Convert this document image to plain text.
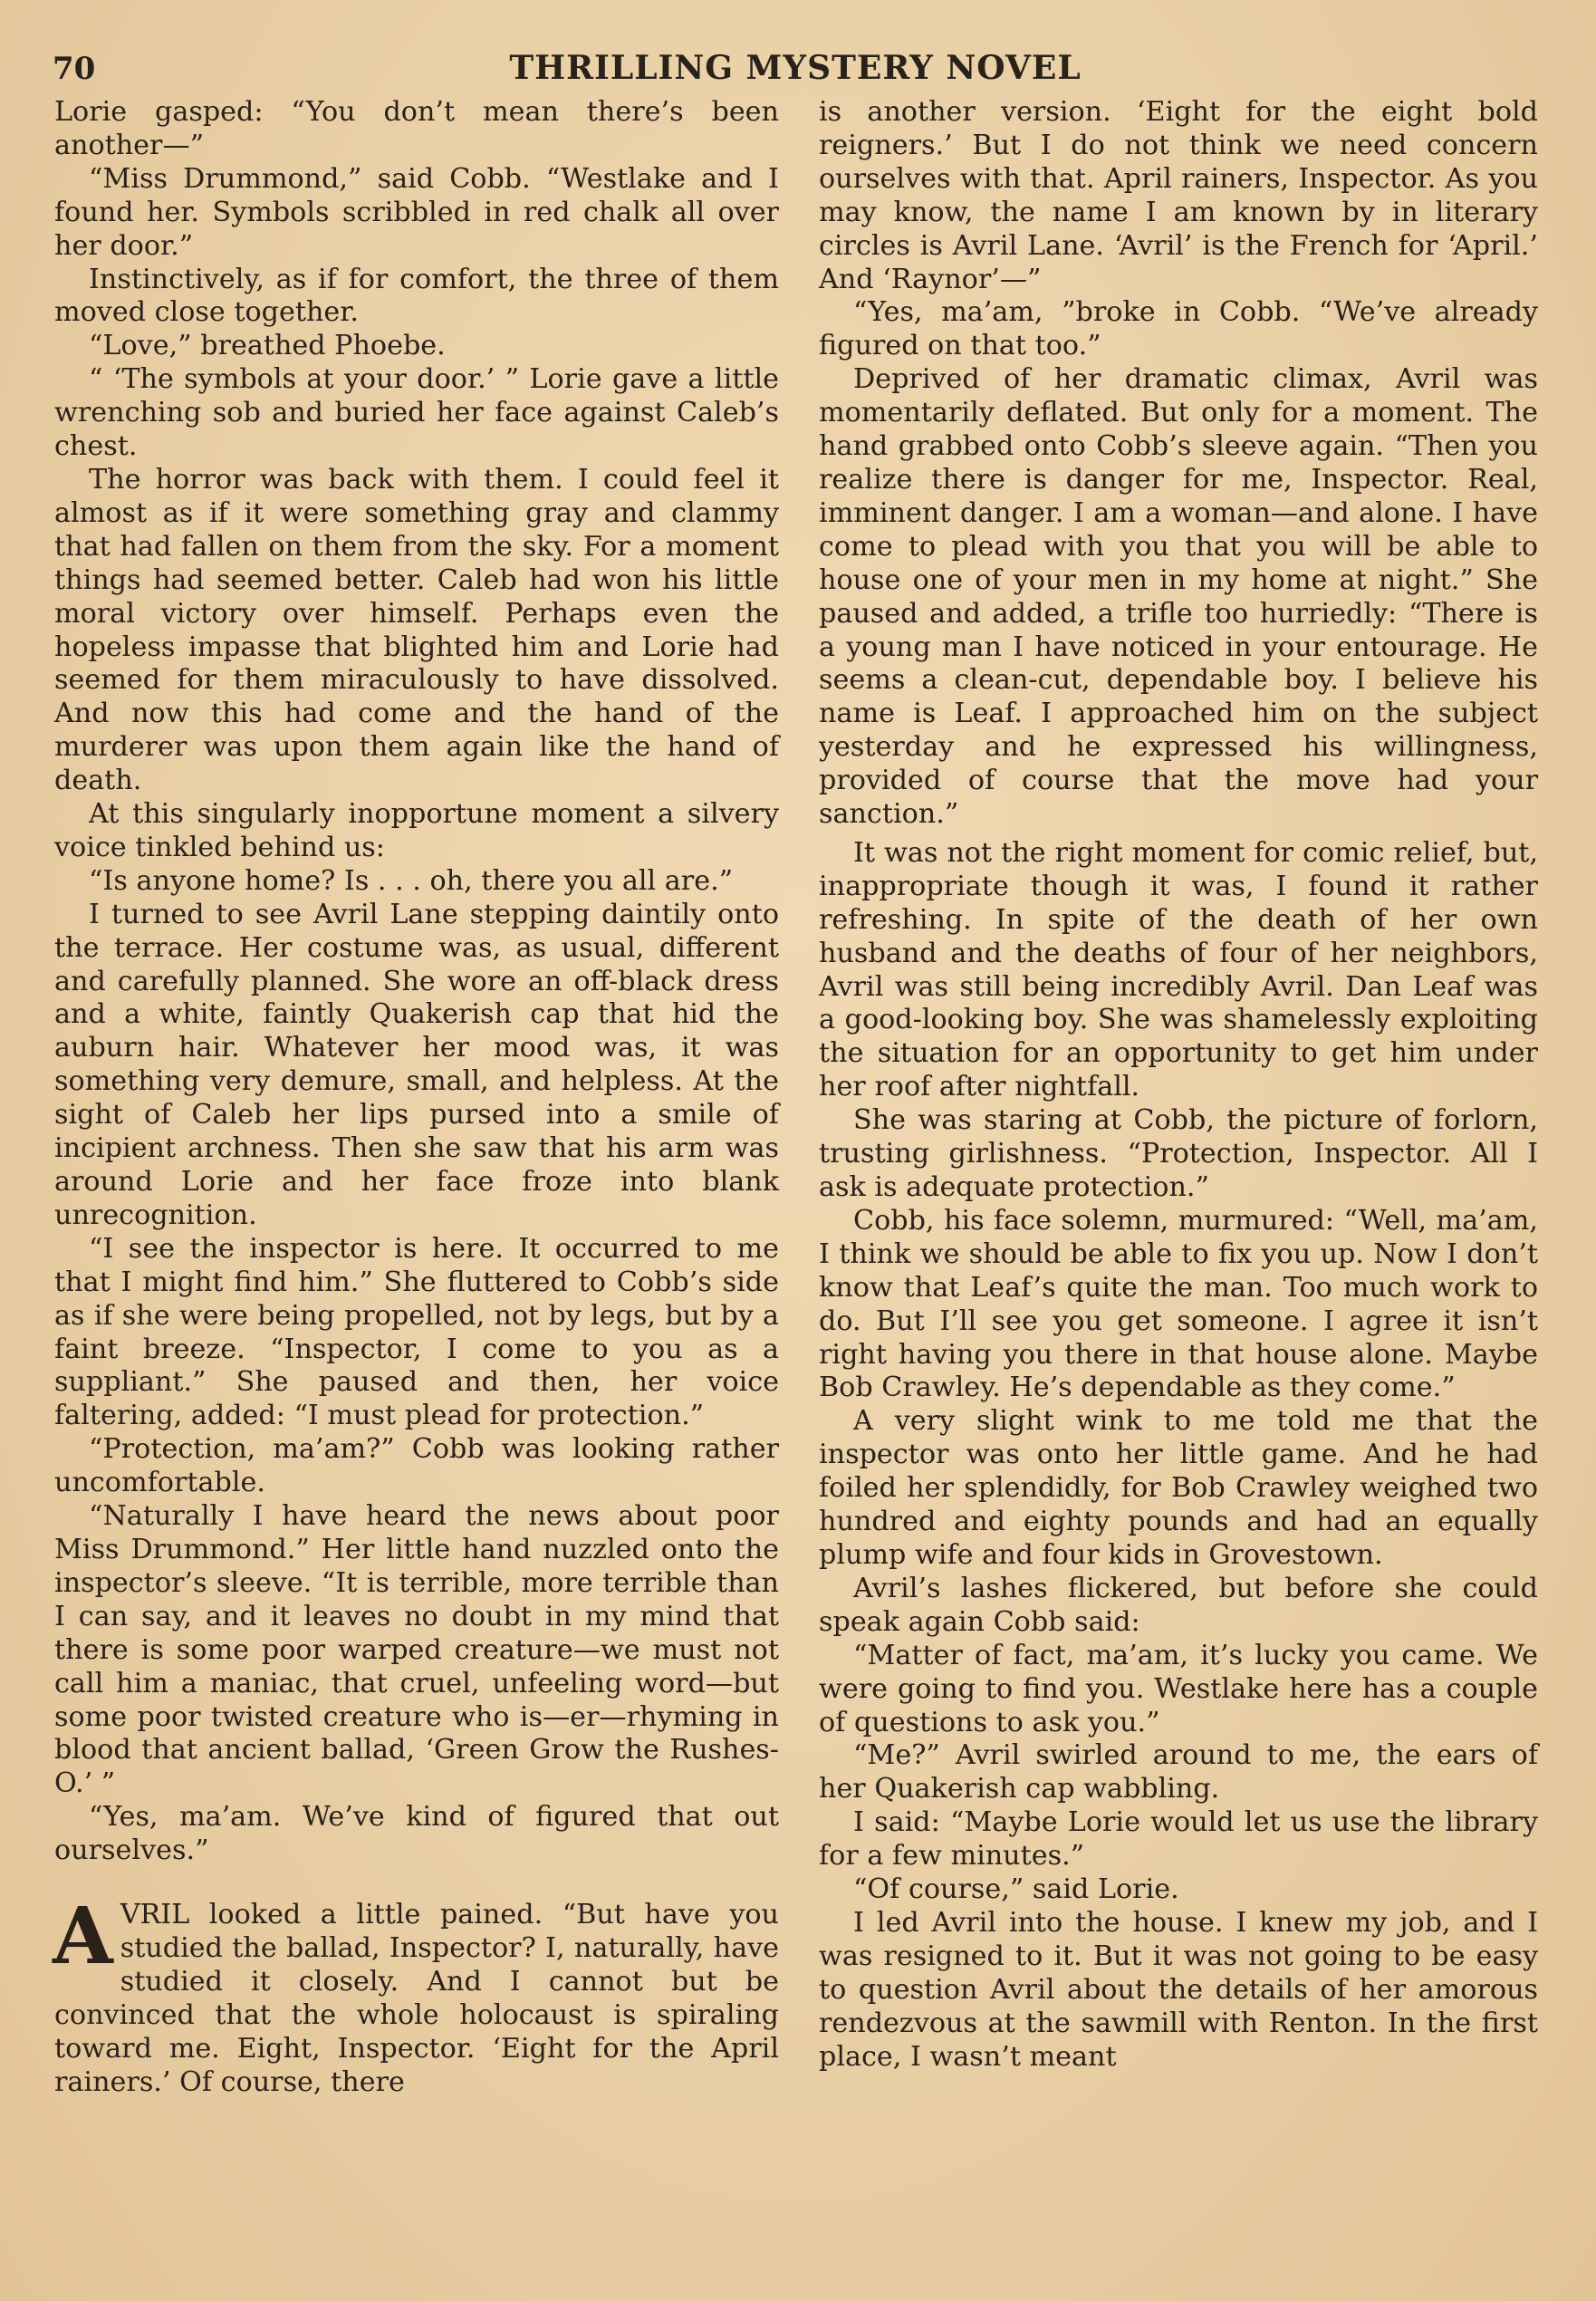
70	THRILLING MYSTERY NOVEL

Lorie gasped: “You don’t mean there’s been another—”

“Miss Drummond,” said Cobb. “Westlake and I found her. Symbols scribbled in red chalk all over her door.”

Instinctively, as if for comfort, the three of them moved close together.

“Love,” breathed Phoebe.

“ ‘The symbols at your door.’ ” Lorie gave a little wrenching sob and buried her face against Caleb’s chest.

The horror was back with them. I could feel it almost as if it were something gray and clammy that had fallen on them from the sky. For a moment things had seemed better. Caleb had won his little moral victory over himself. Perhaps even the hopeless impasse that blighted him and Lorie had seemed for them miraculously to have dissolved. And now this had come and the hand of the murderer was upon them again like the hand of death.

At this singularly inopportune moment a silvery voice tinkled behind us:

“Is anyone home? Is . . . oh, there you all are.”

I turned to see Avril Lane stepping daintily onto the terrace. Her costume was, as usual, different and carefully planned. She wore an off-black dress and a white, faintly Quakerish cap that hid the auburn hair. Whatever her mood was, it was something very demure, small, and helpless. At the sight of Caleb her lips pursed into a smile of incipient archness. Then she saw that his arm was around Lorie and her face froze into blank unrecognition.

“I see the inspector is here. It occurred to me that I might find him.” She fluttered to Cobb’s side as if she were being propelled, not by legs, but by a faint breeze. “Inspector, I come to you as a suppliant.” She paused and then, her voice faltering, added: “I must plead for protection.”

“Protection, ma’am?” Cobb was looking rather uncomfortable.

“Naturally I have heard the news about poor Miss Drummond.” Her little hand nuzzled onto the inspector’s sleeve. “It is terrible, more terrible than I can say, and it leaves no doubt in my mind that there is some poor warped creature—we must not call him a maniac, that cruel, unfeeling word—but some poor twisted creature who is—er—rhyming in blood that ancient ballad, ‘Green Grow the Rushes-O.’ ”

“Yes, ma’am. We’ve kind of figured that out ourselves.”

AVRIL looked a little pained. “But have you studied the ballad, Inspector? I, naturally, have studied it closely. And I cannot but be convinced that the whole holocaust is spiraling toward me. Eight, Inspector. ‘Eight for the April rainers.’ Of course, there

is another version. ‘Eight for the eight bold reigners.’ But I do not think we need concern ourselves with that. April rainers, Inspector. As you may know, the name I am known by in literary circles is Avril Lane. ‘Avril’ is the French for ‘April.’ And ‘Raynor’—”

“Yes, ma’am, ”broke in Cobb. “We’ve already figured on that too.”

Deprived of her dramatic climax, Avril was momentarily deflated. But only for a moment. The hand grabbed onto Cobb’s sleeve again. “Then you realize there is danger for me, Inspector. Real, imminent danger. I am a woman—and alone. I have come to plead with you that you will be able to house one of your men in my home at night.” She paused and added, a trifle too hurriedly: “There is a young man I have noticed in your entourage. He seems a clean-cut, dependable boy. I believe his name is Leaf. I approached him on the subject yesterday and he expressed his willingness, provided of course that the move had your sanction.”

It was not the right moment for comic relief, but, inappropriate though it was, I found it rather refreshing. In spite of the death of her own husband and the deaths of four of her neighbors, Avril was still being incredibly Avril. Dan Leaf was a good-looking boy. She was shamelessly exploiting the situation for an opportunity to get him under her roof after nightfall.

She was staring at Cobb, the picture of forlorn, trusting girlishness. “Protection, Inspector. All I ask is adequate protection.”

Cobb, his face solemn, murmured: “Well, ma’am, I think we should be able to fix you up. Now I don’t know that Leaf’s quite the man. Too much work to do. But I’ll see you get someone. I agree it isn’t right having you there in that house alone. Maybe Bob Crawley. He’s dependable as they come.”

A very slight wink to me told me that the inspector was onto her little game. And he had foiled her splendidly, for Bob Crawley weighed two hundred and eighty pounds and had an equally plump wife and four kids in Grovestown.

Avril’s lashes flickered, but before she could speak again Cobb said:

“Matter of fact, ma’am, it’s lucky you came. We were going to find you. Westlake here has a couple of questions to ask you.”

“Me?” Avril swirled around to me, the ears of her Quakerish cap wabbling.

I said: “Maybe Lorie would let us use the library for a few minutes.”

“Of course,” said Lorie.

I led Avril into the house. I knew my job, and I was resigned to it. But it was not going to be easy to question Avril about the details of her amorous rendezvous at the sawmill with Renton. In the first place, I wasn’t meant
